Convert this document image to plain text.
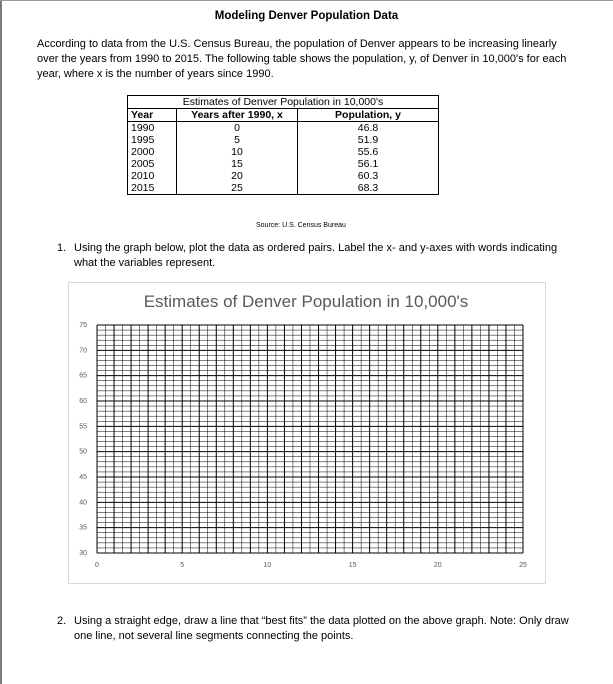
Modeling Denver Population Data
According to data from the U.S. Census Bureau, the population of Denver appears to be increasing linearly over the years from 1990 to 2015. The following table shows the population, y, of Denver in 10,000's for each year, where x is the number of years since 1990.
Estimates of Denver Population in 10,000's		
Year	Years after 1990, x	Population, y
1990	0	46.8
1995	5	51.9
2000	10	55.6
2005	15	56.1
2010	20	60.3
2015	25	68.3
Source: U.S. Census Bureau
1. Using the graph below, plot the data as ordered pairs. Label the x- and y-axes with words indicating what the variables represent.
Estimates of Denver Population in 10,000's
0	5	10	15	20	25
75
70
65
60
55
50
45
40
35
30
2. Using a straight edge, draw a line that “best fits” the data plotted on the above graph. Note: Only draw one line, not several line segments connecting the points.
